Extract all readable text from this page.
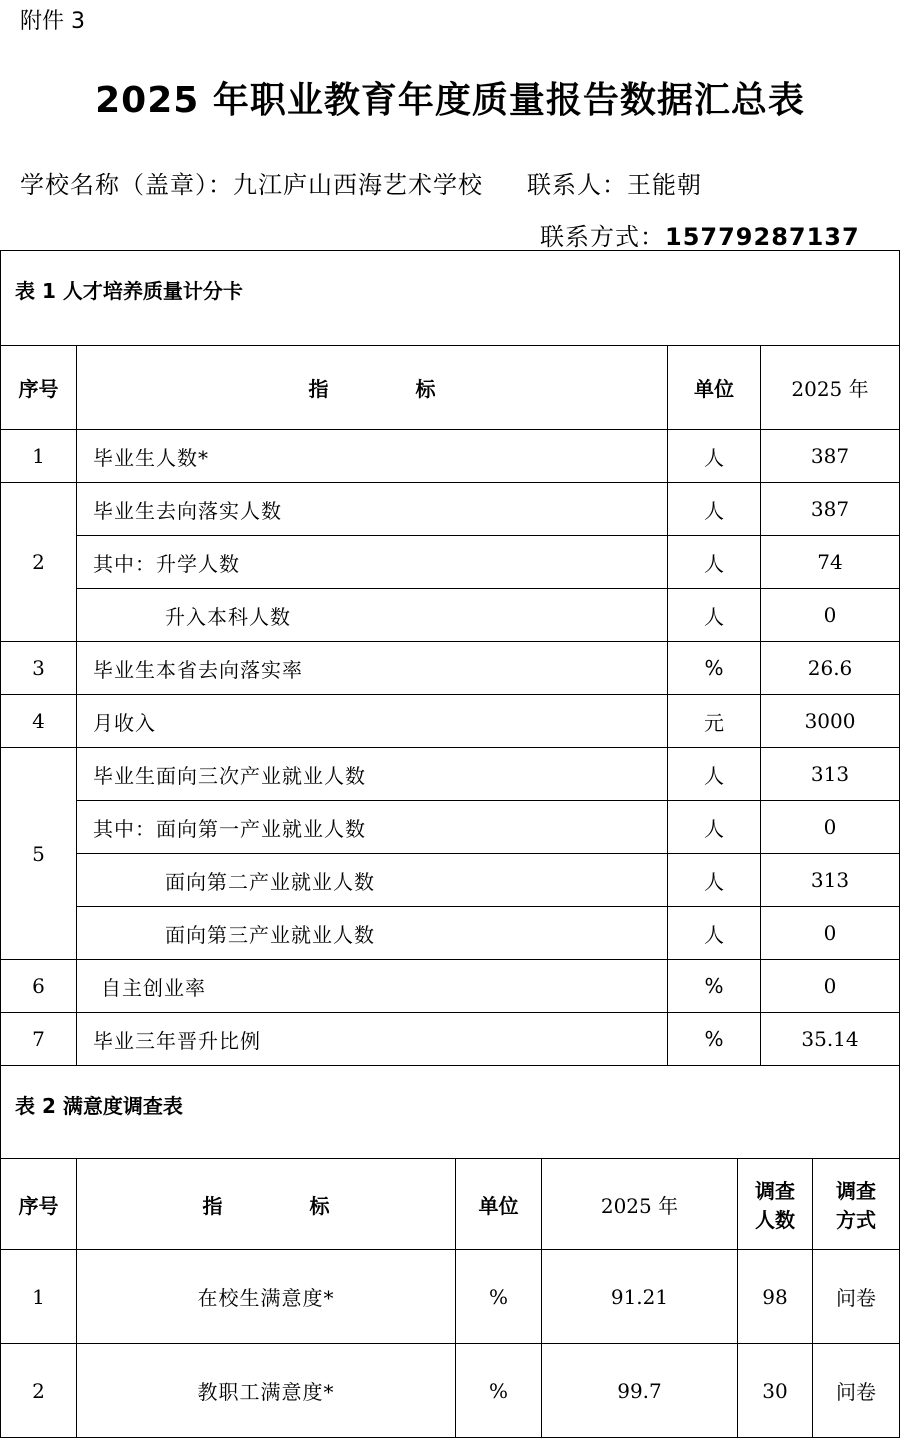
附件 3
2025 年职业教育年度质量报告数据汇总表
学校名称（盖章）：九江庐山西海艺术学校 联系人：王能朝
联系方式：15779287137
表 1 人才培养质量计分卡			
序号	指 标	单位	2025 年
1	毕业生人数*	人	387
2	毕业生去向落实人数	人	387
	其中：升学人数	人	74
	升入本科人数	人	0
3	毕业生本省去向落实率	%	26.6
4	月收入	元	3000
5	毕业生面向三次产业就业人数	人	313
	其中：面向第一产业就业人数	人	0
	面向第二产业就业人数	人	313
	面向第三产业就业人数	人	0
6	自主创业率	%	0
7	毕业三年晋升比例	%	35.14
表 2 满意度调查表					
序号	指 标	单位	2025 年	调查人数	调查方式
1	在校生满意度*	%	91.21	98	问卷
2	教职工满意度*	%	99.7	30	问卷
